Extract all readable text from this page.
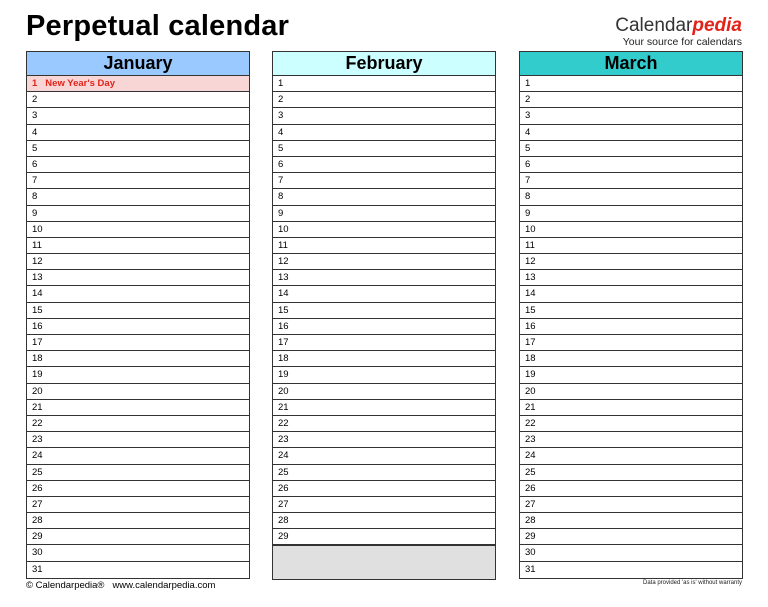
Perpetual calendar	Calendarpedia
Your source for calendars
January
1 New Year's Day
2
3
4
5
6
7
8
9
10
11
12
13
14
15
16
17
18
19
20
21
22
23
24
25
26
27
28
29
30
31
February
1
2
3
4
5
6
7
8
9
10
11
12
13
14
15
16
17
18
19
20
21
22
23
24
25
26
27
28
29
March
1
2
3
4
5
6
7
8
9
10
11
12
13
14
15
16
17
18
19
20
21
22
23
24
25
26
27
28
29
30
31
© Calendarpedia® www.calendarpedia.com	Data provided 'as is' without warranty
